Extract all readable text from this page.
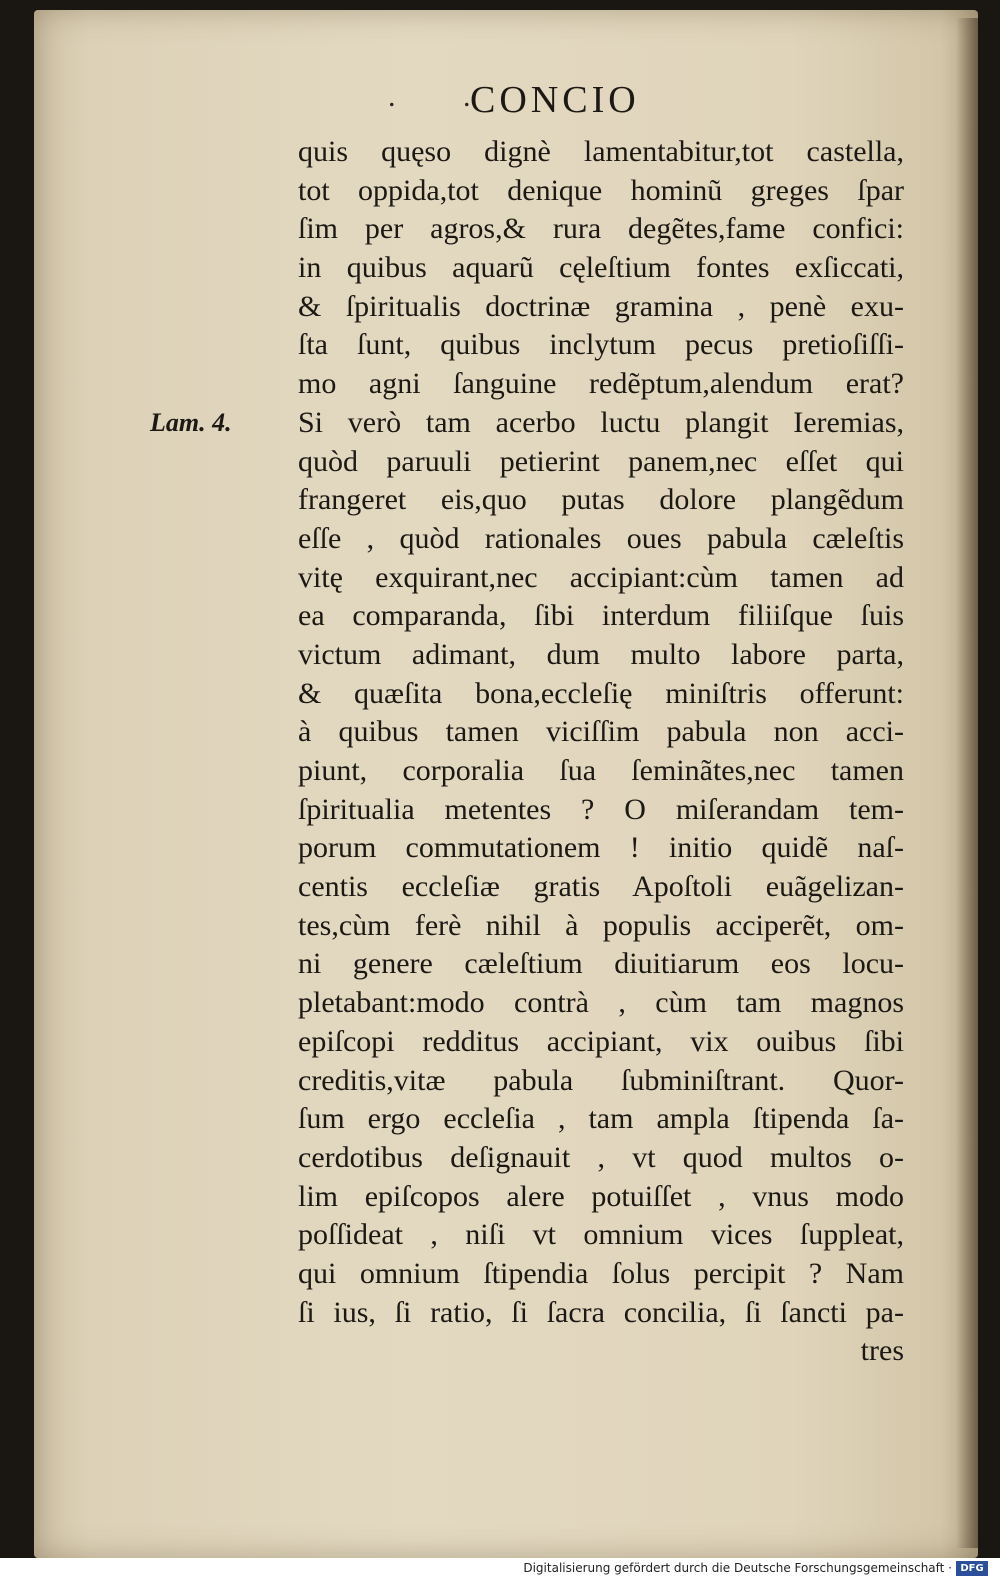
. .
CONCIO
Lam. 4.
quis quęso dignè lamentabitur,tot castella,
tot oppida,tot denique hominũ greges ſpar
ſim per agros,& rura degẽtes,fame confici:
in quibus aquarũ cęleſtium fontes exſiccati,
& ſpiritualis doctrinæ gramina , penè exu-
ſta ſunt, quibus inclytum pecus pretioſiſſi-
mo agni ſanguine redẽptum,alendum erat?
Si verò tam acerbo luctu plangit Ieremias,
quòd paruuli petierint panem,nec eſſet qui
frangeret eis,quo putas dolore plangẽdum
eſſe , quòd rationales oues pabula cæleſtis
vitę exquirant,nec accipiant:cùm tamen ad
ea comparanda, ſibi interdum filiiſque ſuis
victum adimant, dum multo labore parta,
& quæſita bona,eccleſię miniſtris offerunt:
à quibus tamen viciſſim pabula non acci-
piunt, corporalia ſua ſeminãtes,nec tamen
ſpiritualia metentes ? O miſerandam tem-
porum commutationem ! initio quidẽ naſ-
centis eccleſiæ gratis Apoſtoli euãgelizan-
tes,cùm ferè nihil à populis acciperẽt, om-
ni genere cæleſtium diuitiarum eos locu-
pletabant:modo contrà , cùm tam magnos
epiſcopi redditus accipiant, vix ouibus ſibi
creditis,vitæ pabula ſubminiſtrant. Quor-
ſum ergo eccleſia , tam ampla ſtipenda ſa-
cerdotibus deſignauit , vt quod multos o-
lim epiſcopos alere potuiſſet , vnus modo
poſſideat , niſi vt omnium vices ſuppleat,
qui omnium ſtipendia ſolus percipit ? Nam
ſi ius, ſi ratio, ſi ſacra concilia, ſi ſancti pa-
tres
Digitalisierung gefördert durch die Deutsche Forschungsgemeinschaft · DFG
